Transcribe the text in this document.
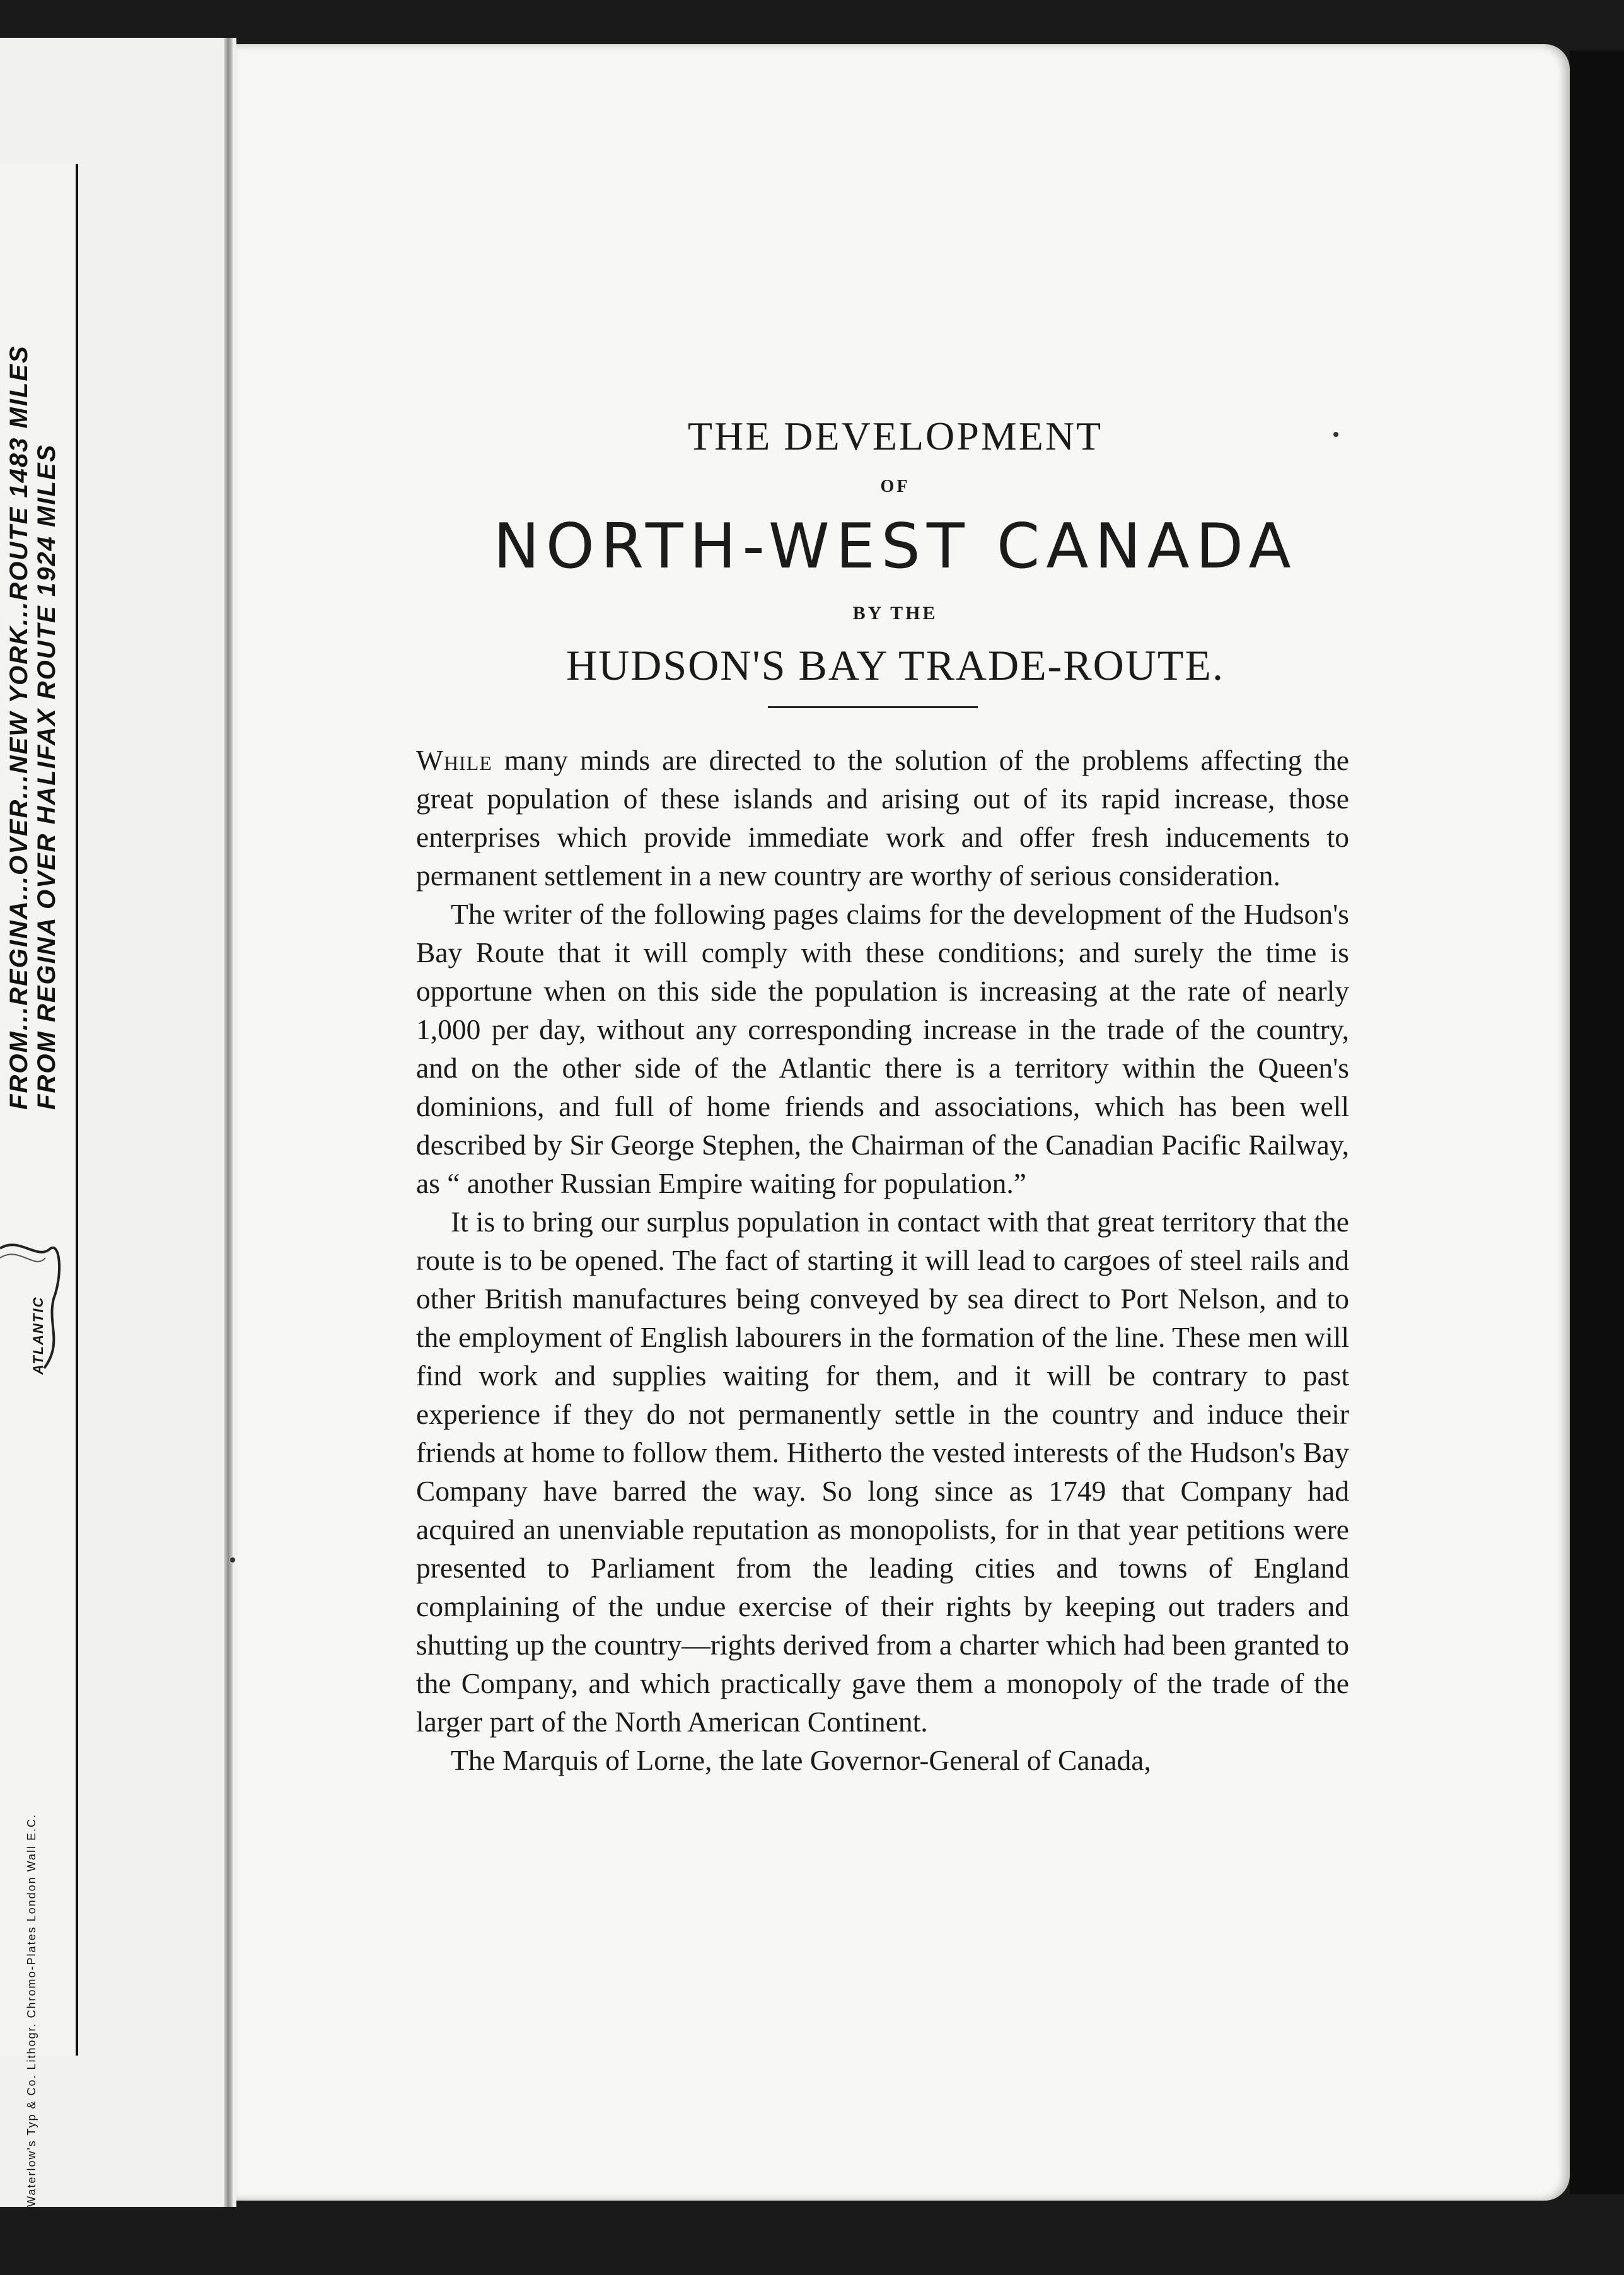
FROM...REGINA...OVER...NEW YORK...ROUTE 1483 MILES FROM REGINA OVER HALIFAX ROUTE 1924 MILES
ATLANTIC
Waterlow's Typ & Co. Lithogr. Chromo-Plates London Wall E.C.
THE DEVELOPMENT
OF
NORTH-WEST CANADA
BY THE
HUDSON'S BAY TRADE-ROUTE.

While many minds are directed to the solution of the problems affecting the great population of these islands and arising out of its rapid increase, those enterprises which provide immediate work and offer fresh inducements to permanent settlement in a new country are worthy of serious consideration.

The writer of the following pages claims for the development of the Hudson's Bay Route that it will comply with these conditions; and surely the time is opportune when on this side the population is increasing at the rate of nearly 1,000 per day, without any corresponding increase in the trade of the country, and on the other side of the Atlantic there is a territory within the Queen's dominions, and full of home friends and associations, which has been well described by Sir George Stephen, the Chairman of the Canadian Pacific Railway, as “ another Russian Empire waiting for population.”

It is to bring our surplus population in contact with that great territory that the route is to be opened. The fact of starting it will lead to cargoes of steel rails and other British manufactures being conveyed by sea direct to Port Nelson, and to the employment of English labourers in the formation of the line. These men will find work and supplies waiting for them, and it will be contrary to past experience if they do not permanently settle in the country and induce their friends at home to follow them. Hitherto the vested interests of the Hudson's Bay Company have barred the way. So long since as 1749 that Company had acquired an unenviable reputation as monopolists, for in that year petitions were presented to Parliament from the leading cities and towns of England complaining of the undue exercise of their rights by keeping out traders and shutting up the country—rights derived from a charter which had been granted to the Company, and which practically gave them a monopoly of the trade of the larger part of the North American Continent.

The Marquis of Lorne, the late Governor-General of Canada,
